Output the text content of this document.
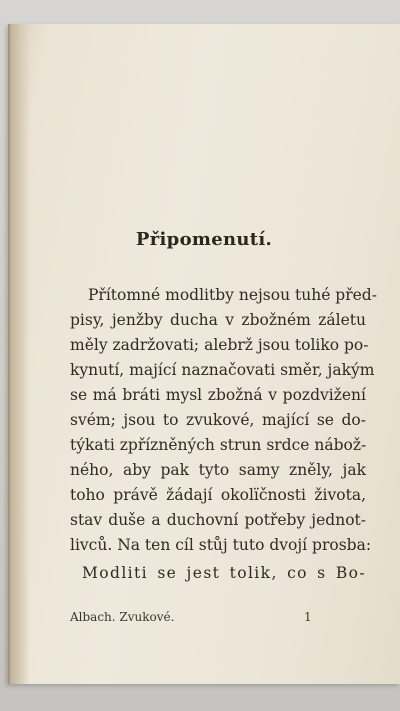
Připomenutí.
Přítomné modlitby nejsou tuhé před-
pisy, jenžby ducha v zbožném záletu
měly zadržovati; alebrž jsou toliko po-
kynutí, mající naznačovati směr, jakým
se má bráti mysl zbožná v pozdvižení
svém; jsou to zvukové, mající se do-
týkati zpřízněných strun srdce nábož-
ného, aby pak tyto samy zněly, jak
toho právě žádají okolïčnosti života,
stav duše a duchovní potřeby jednot-
livců. Na ten cíl stůj tuto dvojí prosba:
Modliti se jest tolik, co s Bo-
Albach. Zvukové.	1
